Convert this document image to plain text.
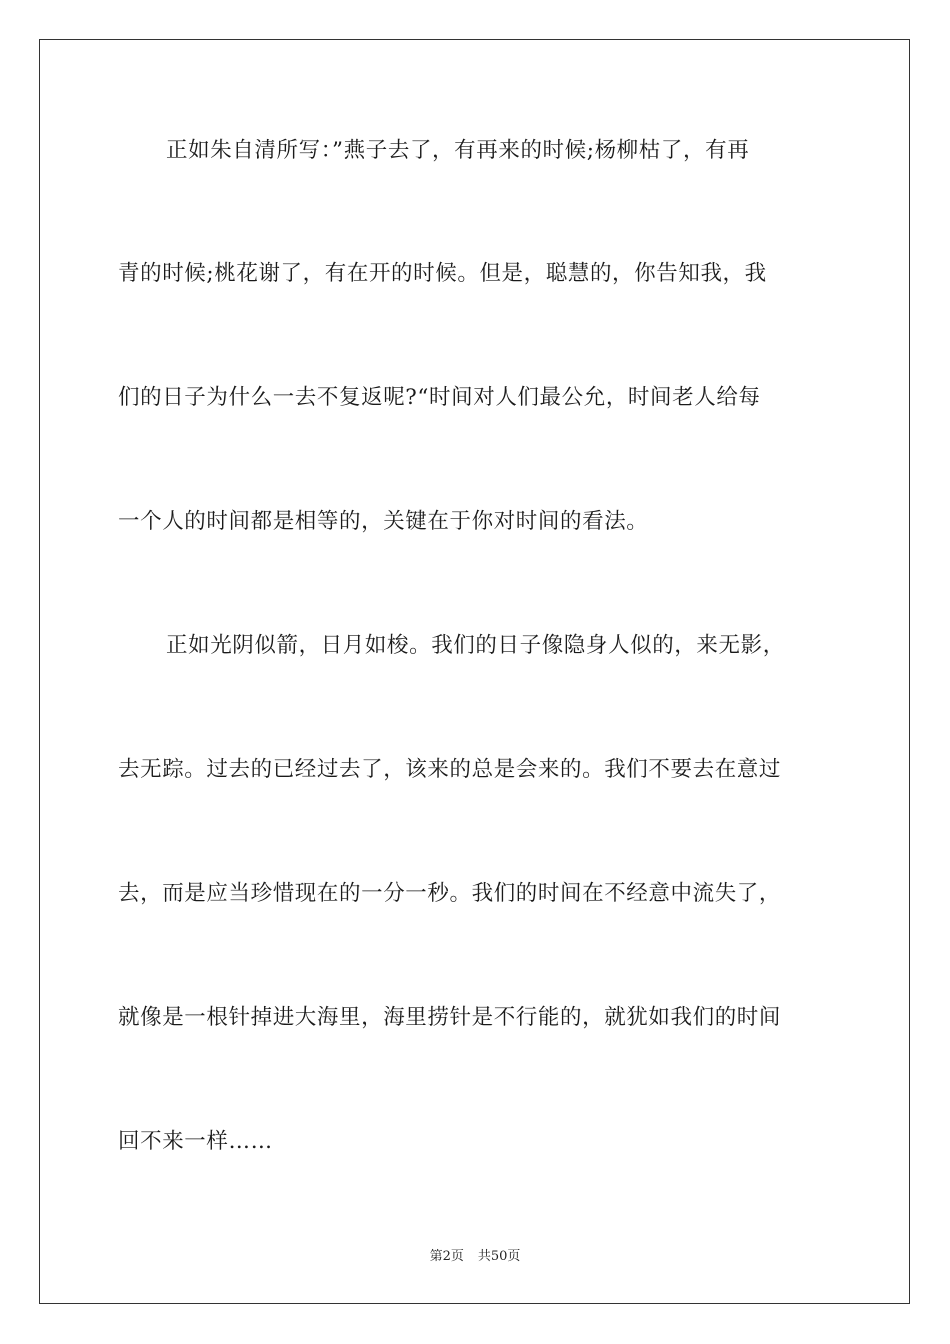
正如朱自清所写：”燕子去了，有再来的时候;杨柳枯了，有再
青的时候;桃花谢了，有在开的时候。但是，聪慧的，你告知我，我
们的日子为什么一去不复返呢?“时间对人们最公允，时间老人给每
一个人的时间都是相等的，关键在于你对时间的看法。
正如光阴似箭，日月如梭。我们的日子像隐身人似的，来无影，
去无踪。过去的已经过去了，该来的总是会来的。我们不要去在意过
去，而是应当珍惜现在的一分一秒。我们的时间在不经意中流失了，
就像是一根针掉进大海里，海里捞针是不行能的，就犹如我们的时间
回不来一样……
第2页 共50页
